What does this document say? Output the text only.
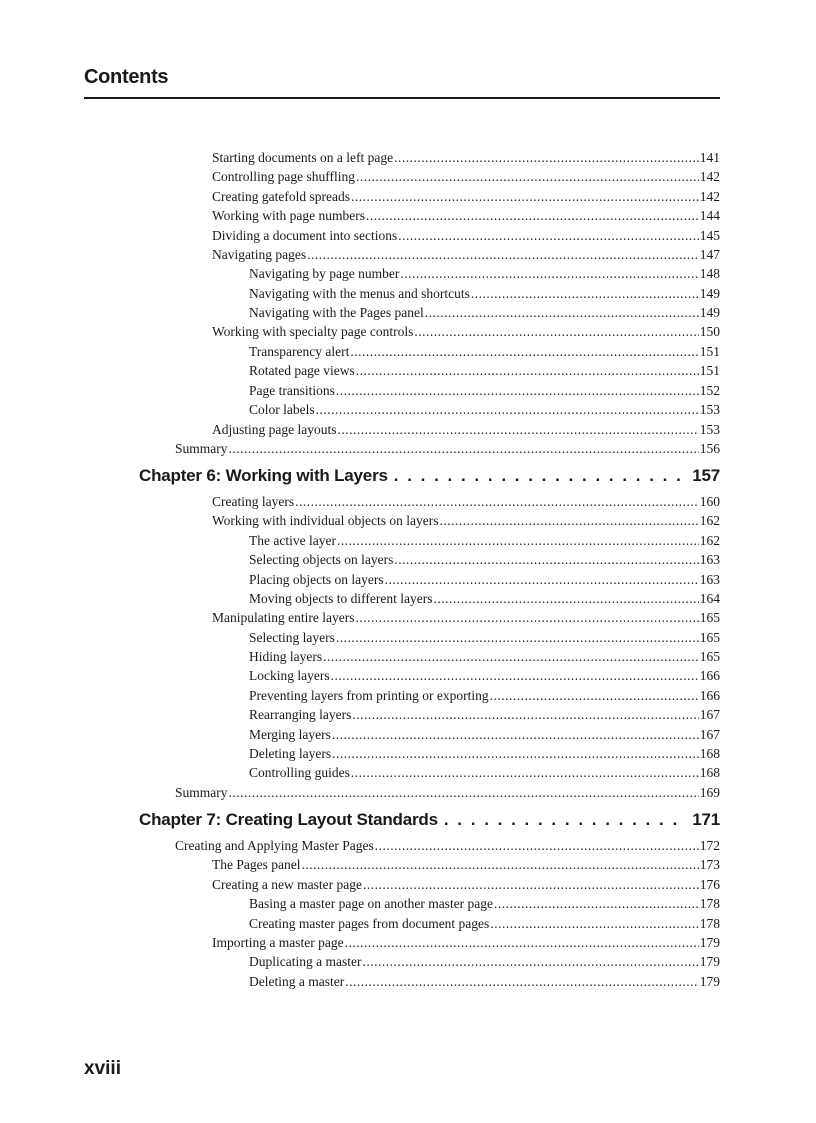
Contents
Starting documents on a left page .....	141
Controlling page shuffling .....	142
Creating gatefold spreads .....	142
Working with page numbers .....	144
Dividing a document into sections .....	145
Navigating pages .....	147
Navigating by page number .....	148
Navigating with the menus and shortcuts .....	149
Navigating with the Pages panel .....	149
Working with specialty page controls .....	150
Transparency alert .....	151
Rotated page views .....	151
Page transitions .....	152
Color labels .....	153
Adjusting page layouts .....	153
Summary .....	156
Chapter 6: Working with Layers . . .	157
Creating layers .....	160
Working with individual objects on layers .....	162
The active layer .....	162
Selecting objects on layers .....	163
Placing objects on layers .....	163
Moving objects to different layers .....	164
Manipulating entire layers .....	165
Selecting layers .....	165
Hiding layers .....	165
Locking layers .....	166
Preventing layers from printing or exporting .....	166
Rearranging layers .....	167
Merging layers .....	167
Deleting layers .....	168
Controlling guides .....	168
Summary .....	169
Chapter 7: Creating Layout Standards . . .	171
Creating and Applying Master Pages .....	172
The Pages panel .....	173
Creating a new master page .....	176
Basing a master page on another master page .....	178
Creating master pages from document pages .....	178
Importing a master page .....	179
Duplicating a master .....	179
Deleting a master .....	179
xviii
